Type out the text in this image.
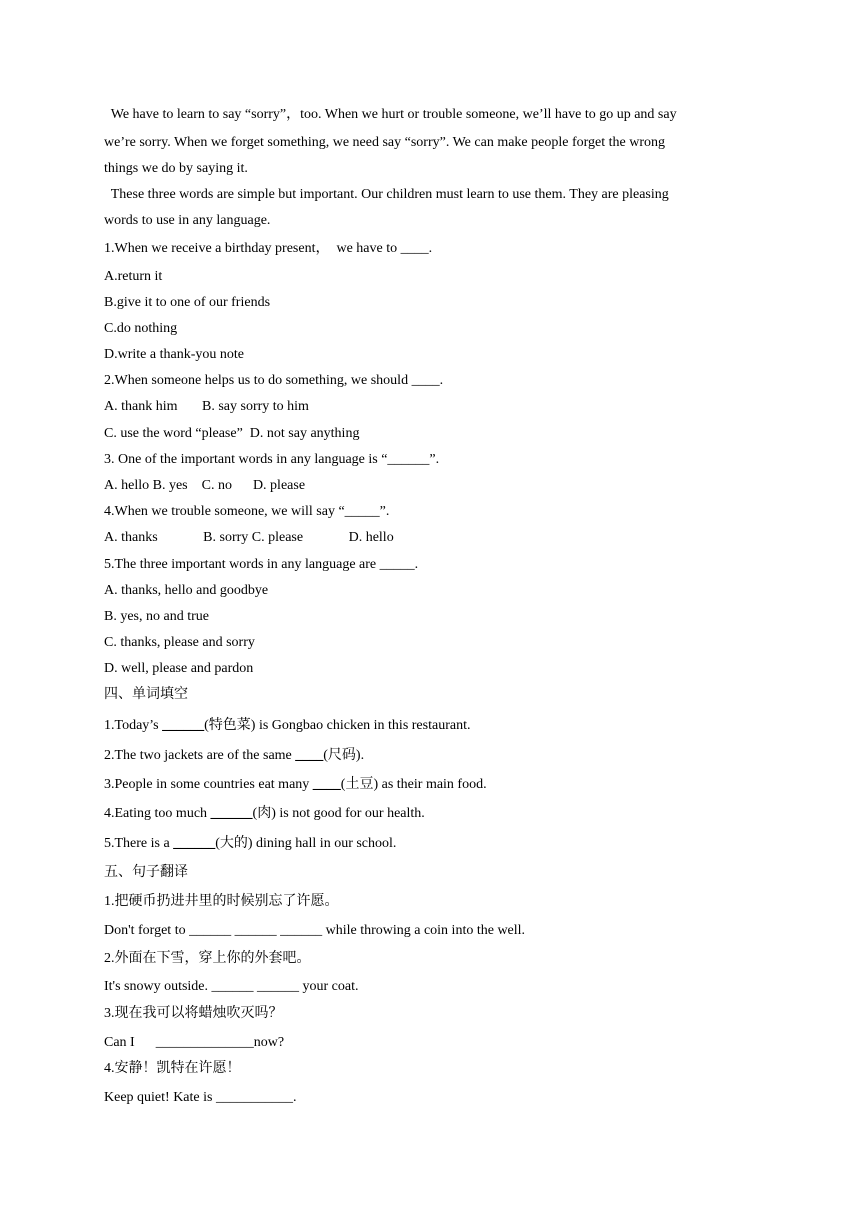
We have to learn to say “sorry”，too. When we hurt or trouble someone, we’ll have to go up and say
we’re sorry. When we forget something, we need say “sorry”. We can make people forget the wrong
things we do by saying it.
These three words are simple but important. Our children must learn to use them. They are pleasing
words to use in any language.
1.When we receive a birthday present，  we have to ____.
A.return it
B.give it to one of our friends
C.do nothing
D.write a thank-you note
2.When someone helps us to do something, we should ____.
A. thank him       B. say sorry to him
C. use the word “please”  D. not say anything
3. One of the important words in any language is “______”.
A. hello B. yes    C. no      D. please
4.When we trouble someone, we will say “_____”.
A. thanks             B. sorry C. please             D. hello
5.The three important words in any language are _____.
A. thanks, hello and goodbye
B. yes, no and true
C. thanks, please and sorry
D. well, please and pardon
四、单词填空
1.Today’s ______(特色菜) is Gongbao chicken in this restaurant.
2.The two jackets are of the same ____(尺码).
3.People in some countries eat many ____(土豆) as their main food.
4.Eating too much ______(肉) is not good for our health.
5.There is a ______(大的) dining hall in our school.
五、句子翻译
1.把硬币扔进井里的时候别忘了许愿。
Don't forget to ______ ______ ______ while throwing a coin into the well.
2.外面在下雪，穿上你的外套吧。
It's snowy outside. ______ ______ your coat.
3.现在我可以将蜡烛吹灭吗？
Can I      ______________now?
4.安静！凯特在许愿！
Keep quiet! Kate is ___________.
